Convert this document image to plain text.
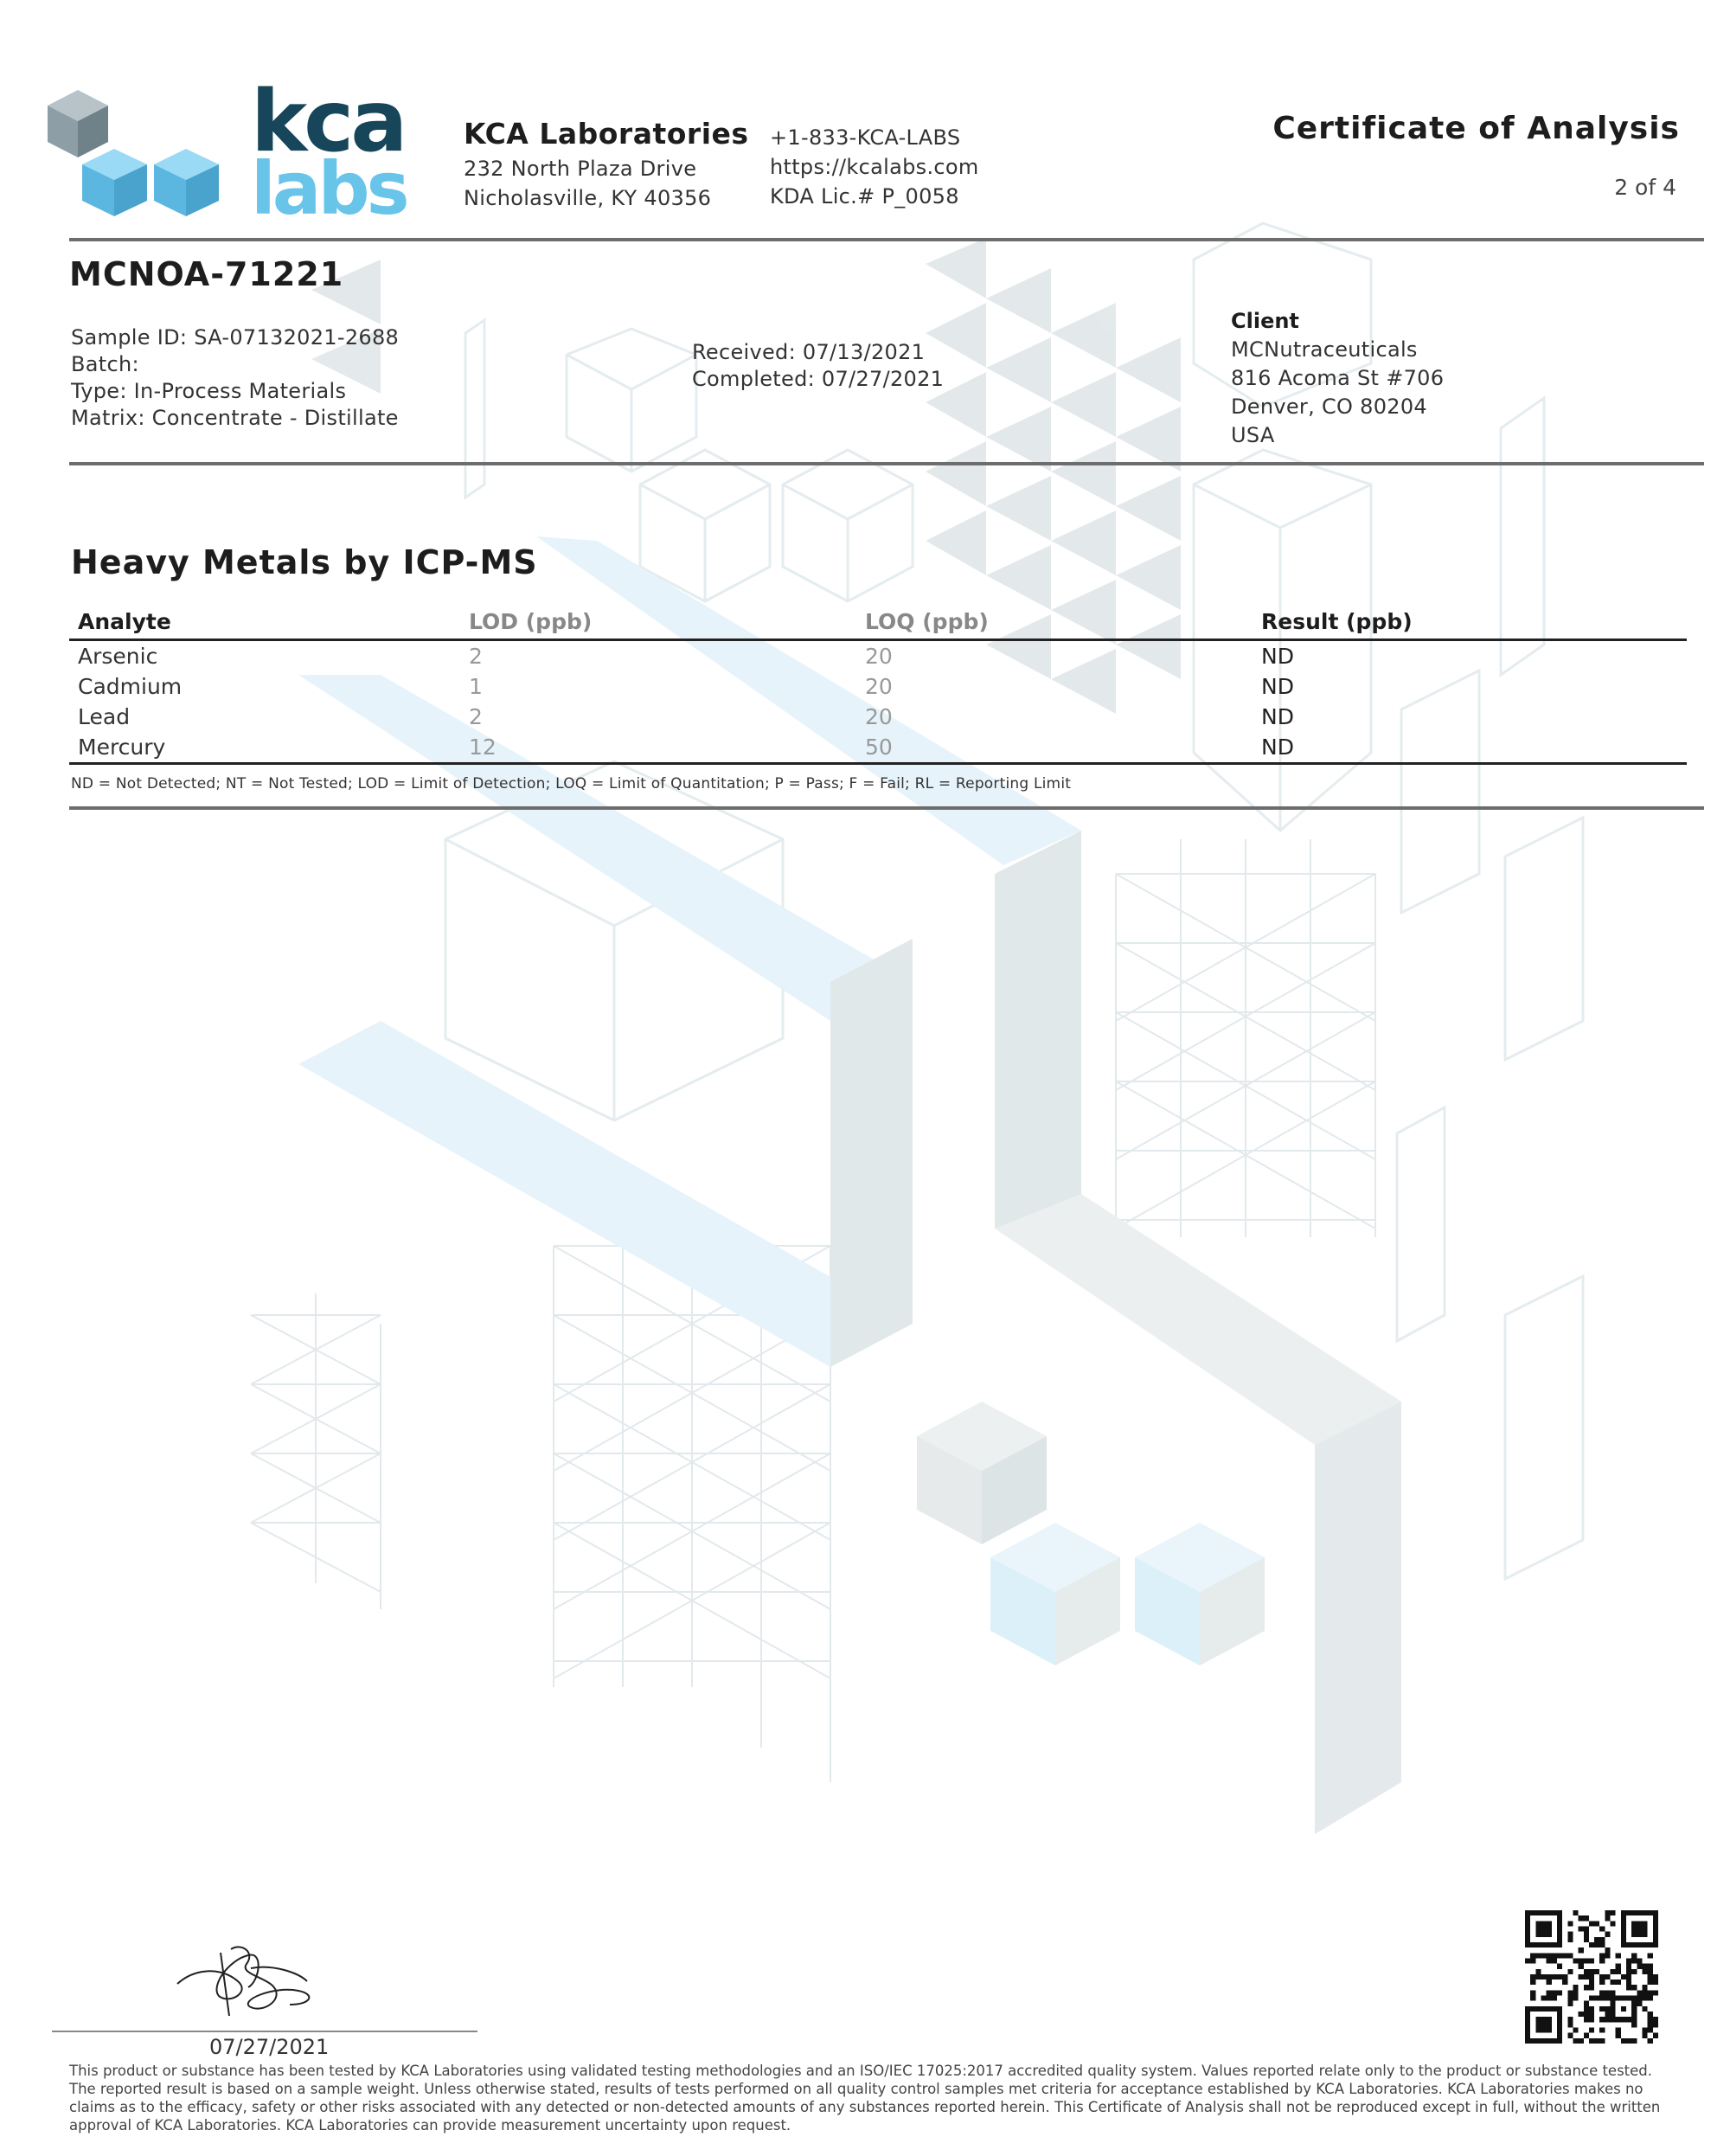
kca
labs
KCA Laboratories
232 North Plaza Drive
Nicholasville, KY 40356
+1-833-KCA-LABS
https://kcalabs.com
KDA Lic.# P_0058
Certificate of Analysis
2 of 4
MCNOA-71221
Sample ID: SA-07132021-2688
Batch:
Type: In-Process Materials
Matrix: Concentrate - Distillate
Received: 07/13/2021
Completed: 07/27/2021
Client
MCNutraceuticals
816 Acoma St #706
Denver, CO 80204
USA
Heavy Metals by ICP-MS
Analyte	LOD (ppb)	LOQ (ppb)	Result (ppb)
Arsenic	2	20	ND
Cadmium	1	20	ND
Lead	2	20	ND
Mercury	12	50	ND
ND = Not Detected; NT = Not Tested; LOD = Limit of Detection; LOQ = Limit of Quantitation; P = Pass; F = Fail; RL = Reporting Limit
07/27/2021
This product or substance has been tested by KCA Laboratories using validated testing methodologies and an ISO/IEC 17025:2017 accredited quality system. Values reported relate only to the product or substance tested. The reported result is based on a sample weight. Unless otherwise stated, results of tests performed on all quality control samples met criteria for acceptance established by KCA Laboratories. KCA Laboratories makes no claims as to the efficacy, safety or other risks associated with any detected or non-detected amounts of any substances reported herein. This Certificate of Analysis shall not be reproduced except in full, without the written approval of KCA Laboratories. KCA Laboratories can provide measurement uncertainty upon request.
